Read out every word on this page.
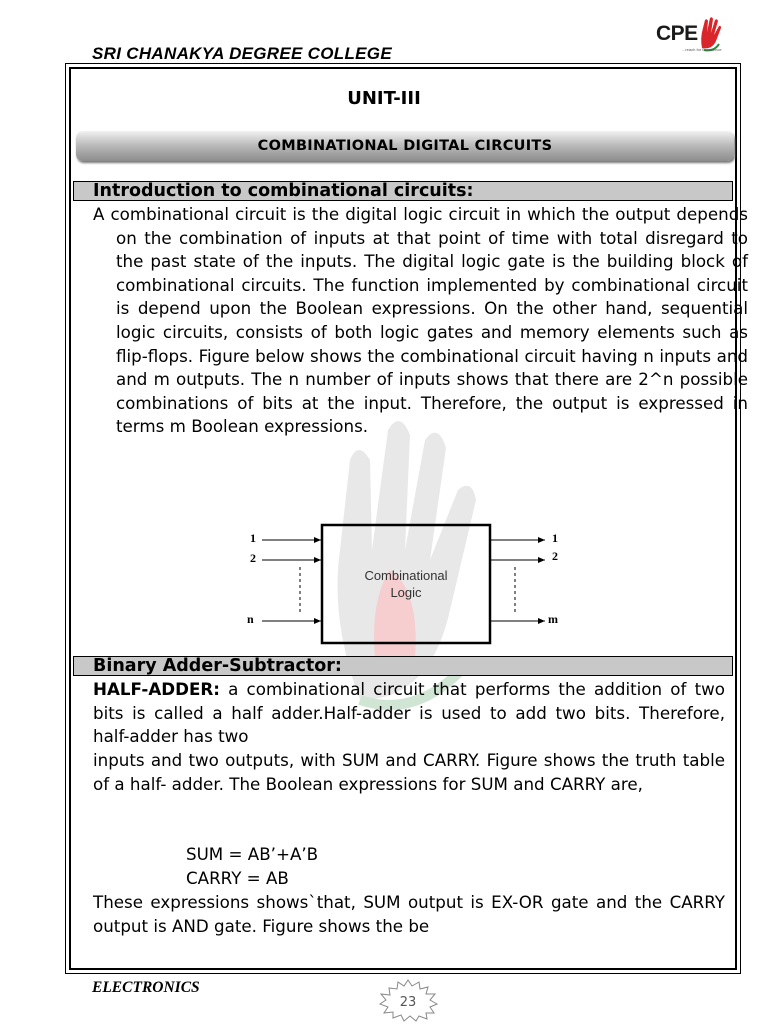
SRI CHANAKYA DEGREE COLLEGE
CPE
...reach for Excellence
UNIT-III
COMBINATIONAL DIGITAL CIRCUITS
Introduction to combinational circuits:
A combinational circuit is the digital logic circuit in which the output depends on the combination of inputs at that point of time with total disregard to the past state of the inputs. The digital logic gate is the building block of combinational circuits. The function implemented by combinational circuit is depend upon the Boolean expressions. On the other hand, sequential logic circuits, consists of both logic gates and memory elements such as flip-flops. Figure below shows the combinational circuit having n inputs and and m outputs. The n number of inputs shows that there are 2^n possible combinations of bits at the input. Therefore, the output is expressed in terms m Boolean expressions.
1
2
n
1
2
m
Combinational
Logic
Binary Adder-Subtractor:
HALF-ADDER: a combinational circuit that performs the addition of two bits is called a half adder.Half-adder is used to add two bits. Therefore, half-adder has two
inputs and two outputs, with SUM and CARRY. Figure shows the truth table of a half- adder. The Boolean expressions for SUM and CARRY are,
SUM = AB’+A’B
CARRY = AB
These expressions shows`that, SUM output is EX-OR gate and the CARRY output is AND gate. Figure shows the be
ELECTRONICS
23
